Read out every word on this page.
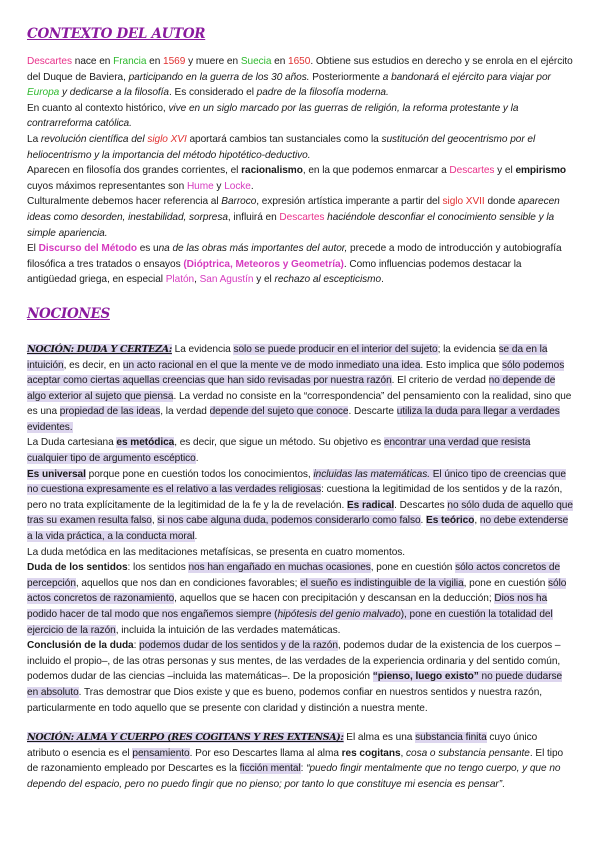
CONTEXTO DEL AUTOR

Descartes nace en Francia en 1569 y muere en Suecia en 1650. Obtiene sus estudios en derecho y se enrola en el ejército del Duque de Baviera, participando en la guerra de los 30 años. Posteriormente a bandonará el ejército para viajar por Europa y dedicarse a la filosofía. Es considerado el padre de la filosofía moderna.

En cuanto al contexto histórico, vive en un siglo marcado por las guerras de religión, la reforma protestante y la contrarreforma católica.

La revolución científica del siglo XVI aportará cambios tan sustanciales como la sustitución del geocentrismo por el heliocentrismo y la importancia del método hipotético-deductivo.

Aparecen en filosofía dos grandes corrientes, el racionalismo, en la que podemos enmarcar a Descartes y el empirismo cuyos máximos representantes son Hume y Locke.

Culturalmente debemos hacer referencia al Barroco, expresión artística imperante a partir del siglo XVII donde aparecen ideas como desorden, inestabilidad, sorpresa, influirá en Descartes haciéndole desconfiar el conocimiento sensible y la simple apariencia.

El Discurso del Método es una de las obras más importantes del autor, precede a modo de introducción y autobiografía filosófica a tres tratados o ensayos (Dióptrica, Meteoros y Geometría). Como influencias podemos destacar la antigüedad griega, en especial Platón, San Agustín y el rechazo al escepticismo.

NOCIONES

NOCIÓN: DUDA Y CERTEZA: La evidencia solo se puede producir en el interior del sujeto; la evidencia se da en la intuición, es decir, en un acto racional en el que la mente ve de modo inmediato una idea. Esto implica que sólo podemos aceptar como ciertas aquellas creencias que han sido revisadas por nuestra razón. El criterio de verdad no depende de algo exterior al sujeto que piensa. La verdad no consiste en la “correspondencia” del pensamiento con la realidad, sino que es una propiedad de las ideas, la verdad depende del sujeto que conoce. Descarte utiliza la duda para llegar a verdades evidentes.

La Duda cartesiana es metódica, es decir, que sigue un método. Su objetivo es encontrar una verdad que resista cualquier tipo de argumento escéptico.

Es universal porque pone en cuestión todos los conocimientos, incluidas las matemáticas. El único tipo de creencias que no cuestiona expresamente es el relativo a las verdades religiosas: cuestiona la legitimidad de los sentidos y de la razón, pero no trata explícitamente de la legitimidad de la fe y la de revelación. Es radical. Descartes no sólo duda de aquello que tras su examen resulta falso, si nos cabe alguna duda, podemos considerarlo como falso. Es teórico, no debe extenderse a la vida práctica, a la conducta moral.

La duda metódica en las meditaciones metafísicas, se presenta en cuatro momentos.

Duda de los sentidos: los sentidos nos han engañado en muchas ocasiones, pone en cuestión sólo actos concretos de percepción, aquellos que nos dan en condiciones favorables; el sueño es indistinguible de la vigilia, pone en cuestión sólo actos concretos de razonamiento, aquellos que se hacen con precipitación y descansan en la deducción; Dios nos ha podido hacer de tal modo que nos engañemos siempre (hipótesis del genio malvado), pone en cuestión la totalidad del ejercicio de la razón, incluida la intuición de las verdades matemáticas.

Conclusión de la duda: podemos dudar de los sentidos y de la razón, podemos dudar de la existencia de los cuerpos –incluido el propio–, de las otras personas y sus mentes, de las verdades de la experiencia ordinaria y del sentido común, podemos dudar de las ciencias –incluida las matemáticas–. De la proposición “pienso, luego existo” no puede dudarse en absoluto. Tras demostrar que Dios existe y que es bueno, podemos confiar en nuestros sentidos y nuestra razón, particularmente en todo aquello que se presente con claridad y distinción a nuestra mente.

NOCIÓN: ALMA Y CUERPO (RES COGITANS Y RES EXTENSA): El alma es una substancia finita cuyo único atributo o esencia es el pensamiento. Por eso Descartes llama al alma res cogitans, cosa o substancia pensante. El tipo de razonamiento empleado por Descartes es la ficción mental: “puedo fingir mentalmente que no tengo cuerpo, y que no dependo del espacio, pero no puedo fingir que no pienso; por tanto lo que constituye mi esencia es pensar”.
